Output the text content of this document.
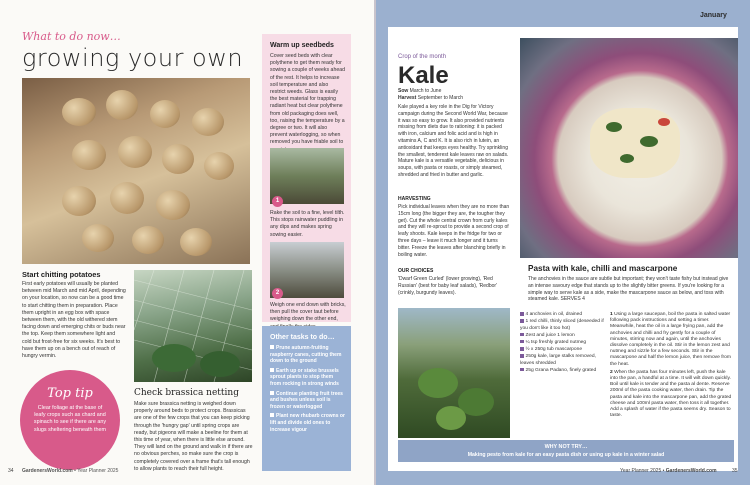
What to do now…
growing your own
Start chitting potatoes
First early potatoes will usually be planted between mid March and mid April, depending on your location, so now can be a good time to start chitting them in preparation. Place them upright in an egg box with space between them, with the old withered stem facing down and emerging chits or buds near the top. Keep them somewhere light and cold but frost-free for six weeks. It's best to have them up on a bench out of reach of hungry vermin.
Check brassica netting
Make sure brassica netting is weighed down properly around beds to protect crops. Brassicas are one of the few crops that you can keep picking through the 'hungry gap' until spring crops are ready, but pigeons will make a beeline for them at this time of year, when there is little else around. They will land on the ground and walk in if there are no obvious perches, so make sure the crop is completely covered over a frame that's tall enough to allow plants to reach their full height.
Top tip
Clear foliage at the base of leafy crops such as chard and spinach to see if there are any slugs sheltering beneath them
Warm up seedbeds
Cover seed beds with clear polythene to get them ready for sowing a couple of weeks ahead of the rest. It helps to increase soil temperature and also restrict weeds. Glass is easily the best material for trapping radiant heat but clear polythene from old packaging does well, too, raising the temperature by a degree or two. It will also prevent waterlogging, so when removed you have friable soil to
1
Rake the soil to a fine, level tilth. This stops rainwater puddling in any dips and makes spring sowing easier.
2
Weigh one end down with bricks, then pull the cover taut before weighing down the other end,
Other tasks to do…
Prune autumn-fruiting raspberry canes, cutting them down to the ground
Earth up or stake brussels sprout plants to stop them from rocking in strong winds
Continue planting fruit trees and bushes unless soil is frozen or waterlogged
Plant new rhubarb crowns or lift and divide old ones to increase vigour
34 GardenersWorld.com • Year Planner 2025
January
Crop of the month
Kale
Sow March to June
Harvest September to March
Kale played a key role in the Dig for Victory campaign during the Second World War, because it was so easy to grow. It also provided nutrients missing from diets due to rationing: it is packed with iron, calcium and folic acid and is high in vitamins A, C and K. It is also rich in lutein, an antioxidant that keeps eyes healthy. Try sprinkling the smallest, tenderest kale leaves raw on salads. Mature kale is a versatile vegetable, delicious in soups, with pasta or roasts, or simply steamed, shredded and fried in butter and garlic.
HARVESTING
Pick individual leaves when they are no more than 15cm long (the bigger they are, the tougher they get). Cut the whole central crown from curly kales and they will re-sprout to provide a second crop of leafy shoots. Kale keeps in the fridge for two or three days – leave it much longer and it turns bitter. Freeze the leaves after blanching briefly in boiling water.
OUR CHOICES
'Dwarf Green Curled' (lower growing), 'Red Russian' (best for baby leaf salads), 'Redbor' (crinkly, burgundy leaves).
Pasta with kale, chilli and mascarpone
The anchovies in the sauce are subtle but important; they won't taste fishy but instead give an intense savoury edge that stands up to the slightly bitter greens. If you're looking for a simple way to serve kale as a side, make the mascarpone sauce as below, and toss with steamed kale. SERVES 4
4 anchovies in oil, drained
1 red chilli, thinly sliced (deseeded if you don't like it too hot)
Zest and juice 1 lemon
¼ tsp freshly grated nutmeg
½ x 250g tub mascarpone
250g kale, large stalks removed, leaves shredded
25g Grana Padano, finely grated
1 Using a large saucepan, boil the pasta in salted water following pack instructions and setting a timer. Meanwhile, heat the oil in a large frying pan, add the anchovies and chilli and fry gently for a couple of minutes, stirring now and again, until the anchovies dissolve completely in the oil. Stir in the lemon zest and nutmeg and sizzle for a few seconds. Stir in the mascarpone and half the lemon juice, then remove from the heat.
2 When the pasta has four minutes left, push the kale into the pan, a handful at a time. It will wilt down quickly. Boil until kale is tender and the pasta al dente. Reserve 200ml of the pasta cooking water, then drain. Tip the pasta and kale into the mascarpone pan, add the grated cheese and 100ml pasta water, then toss it all together. Add a splash of water if the pasta seems dry. Season to taste.
WHY NOT TRY…
Making pesto from kale for an easy pasta dish or using up kale in a winter salad
Year Planner 2025 • GardenersWorld.com	35
